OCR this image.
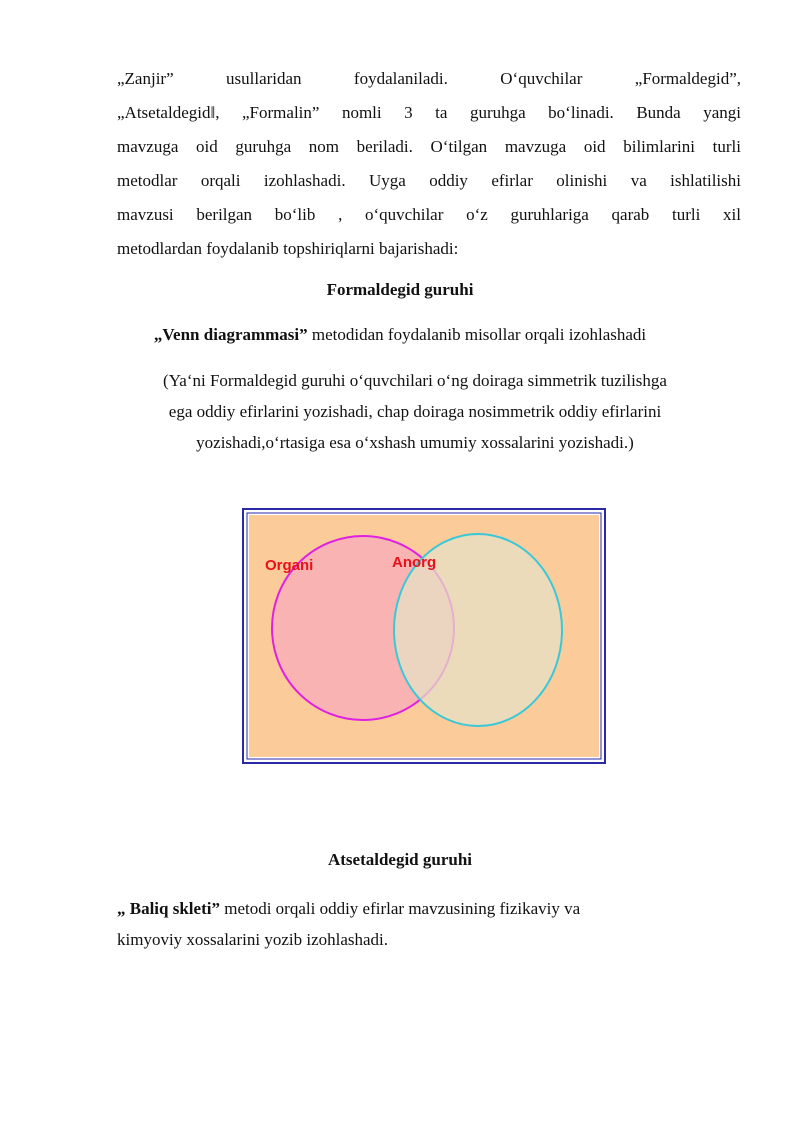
„Zanjir” usullaridan foydalaniladi. O‘quvchilar „Formaldegid”,
„Atsetaldegid‖, „Formalin” nomli 3 ta guruhga bo‘linadi. Bunda yangi
mavzuga oid guruhga nom beriladi. O‘tilgan mavzuga oid bilimlarini turli
metodlar orqali izohlashadi. Uyga oddiy efirlar olinishi va ishlatilishi
mavzusi berilgan bo‘lib , o‘quvchilar o‘z guruhlariga qarab turli xil
metodlardan foydalanib topshiriqlarni bajarishadi:

Formaldegid guruhi

„Venn diagrammasi” metodidan foydalanib misollar orqali izohlashadi

(Ya‘ni Formaldegid guruhi o‘quvchilari o‘ng doiraga simmetrik tuzilishga
ega oddiy efirlarini yozishadi, chap doiraga nosimmetrik oddiy efirlarini
yozishadi,o‘rtasiga esa o‘xshash umumiy xossalarini yozishadi.)
Organi	Anorg

Atsetaldegid guruhi

„ Baliq skleti” metodi orqali oddiy efirlar mavzusining fizikaviy va
kimyoviy xossalarini yozib izohlashadi.
